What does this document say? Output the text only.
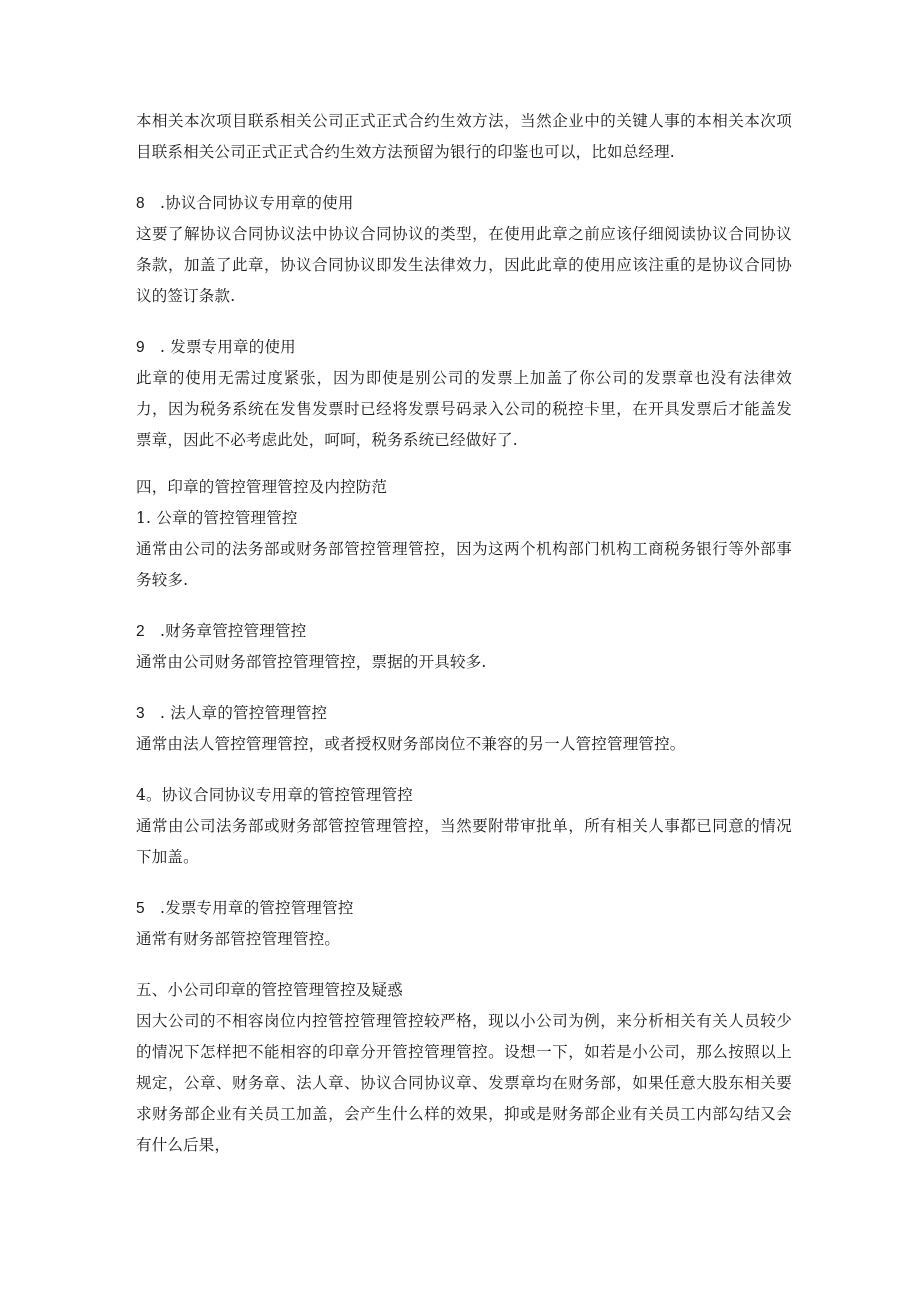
本相关本次项目联系相关公司正式正式合约生效方法，当然企业中的关键人事的本相关本次项目联系相关公司正式正式合约生效方法预留为银行的印鉴也可以，比如总经理.

8 .协议合同协议专用章的使用

这要了解协议合同协议法中协议合同协议的类型，在使用此章之前应该仔细阅读协议合同协议条款，加盖了此章，协议合同协议即发生法律效力，因此此章的使用应该注重的是协议合同协议的签订条款.

9 . 发票专用章的使用

此章的使用无需过度紧张，因为即使是别公司的发票上加盖了你公司的发票章也没有法律效力，因为税务系统在发售发票时已经将发票号码录入公司的税控卡里，在开具发票后才能盖发票章，因此不必考虑此处，呵呵，税务系统已经做好了.

四，印章的管控管理管控及内控防范

1. 公章的管控管理管控

通常由公司的法务部或财务部管控管理管控，因为这两个机构部门机构工商税务银行等外部事务较多.

2 .财务章管控管理管控

通常由公司财务部管控管理管控，票据的开具较多.

3 . 法人章的管控管理管控

通常由法人管控管理管控，或者授权财务部岗位不兼容的另一人管控管理管控。

4。协议合同协议专用章的管控管理管控

通常由公司法务部或财务部管控管理管控，当然要附带审批单，所有相关人事都已同意的情况下加盖。

5 .发票专用章的管控管理管控

通常有财务部管控管理管控。

五、小公司印章的管控管理管控及疑惑

因大公司的不相容岗位内控管控管理管控较严格，现以小公司为例，来分析相关有关人员较少的情况下怎样把不能相容的印章分开管控管理管控。设想一下，如若是小公司，那么按照以上规定，公章、财务章、法人章、协议合同协议章、发票章均在财务部，如果任意大股东相关要求财务部企业有关员工加盖，会产生什么样的效果，抑或是财务部企业有关员工内部勾结又会有什么后果，
